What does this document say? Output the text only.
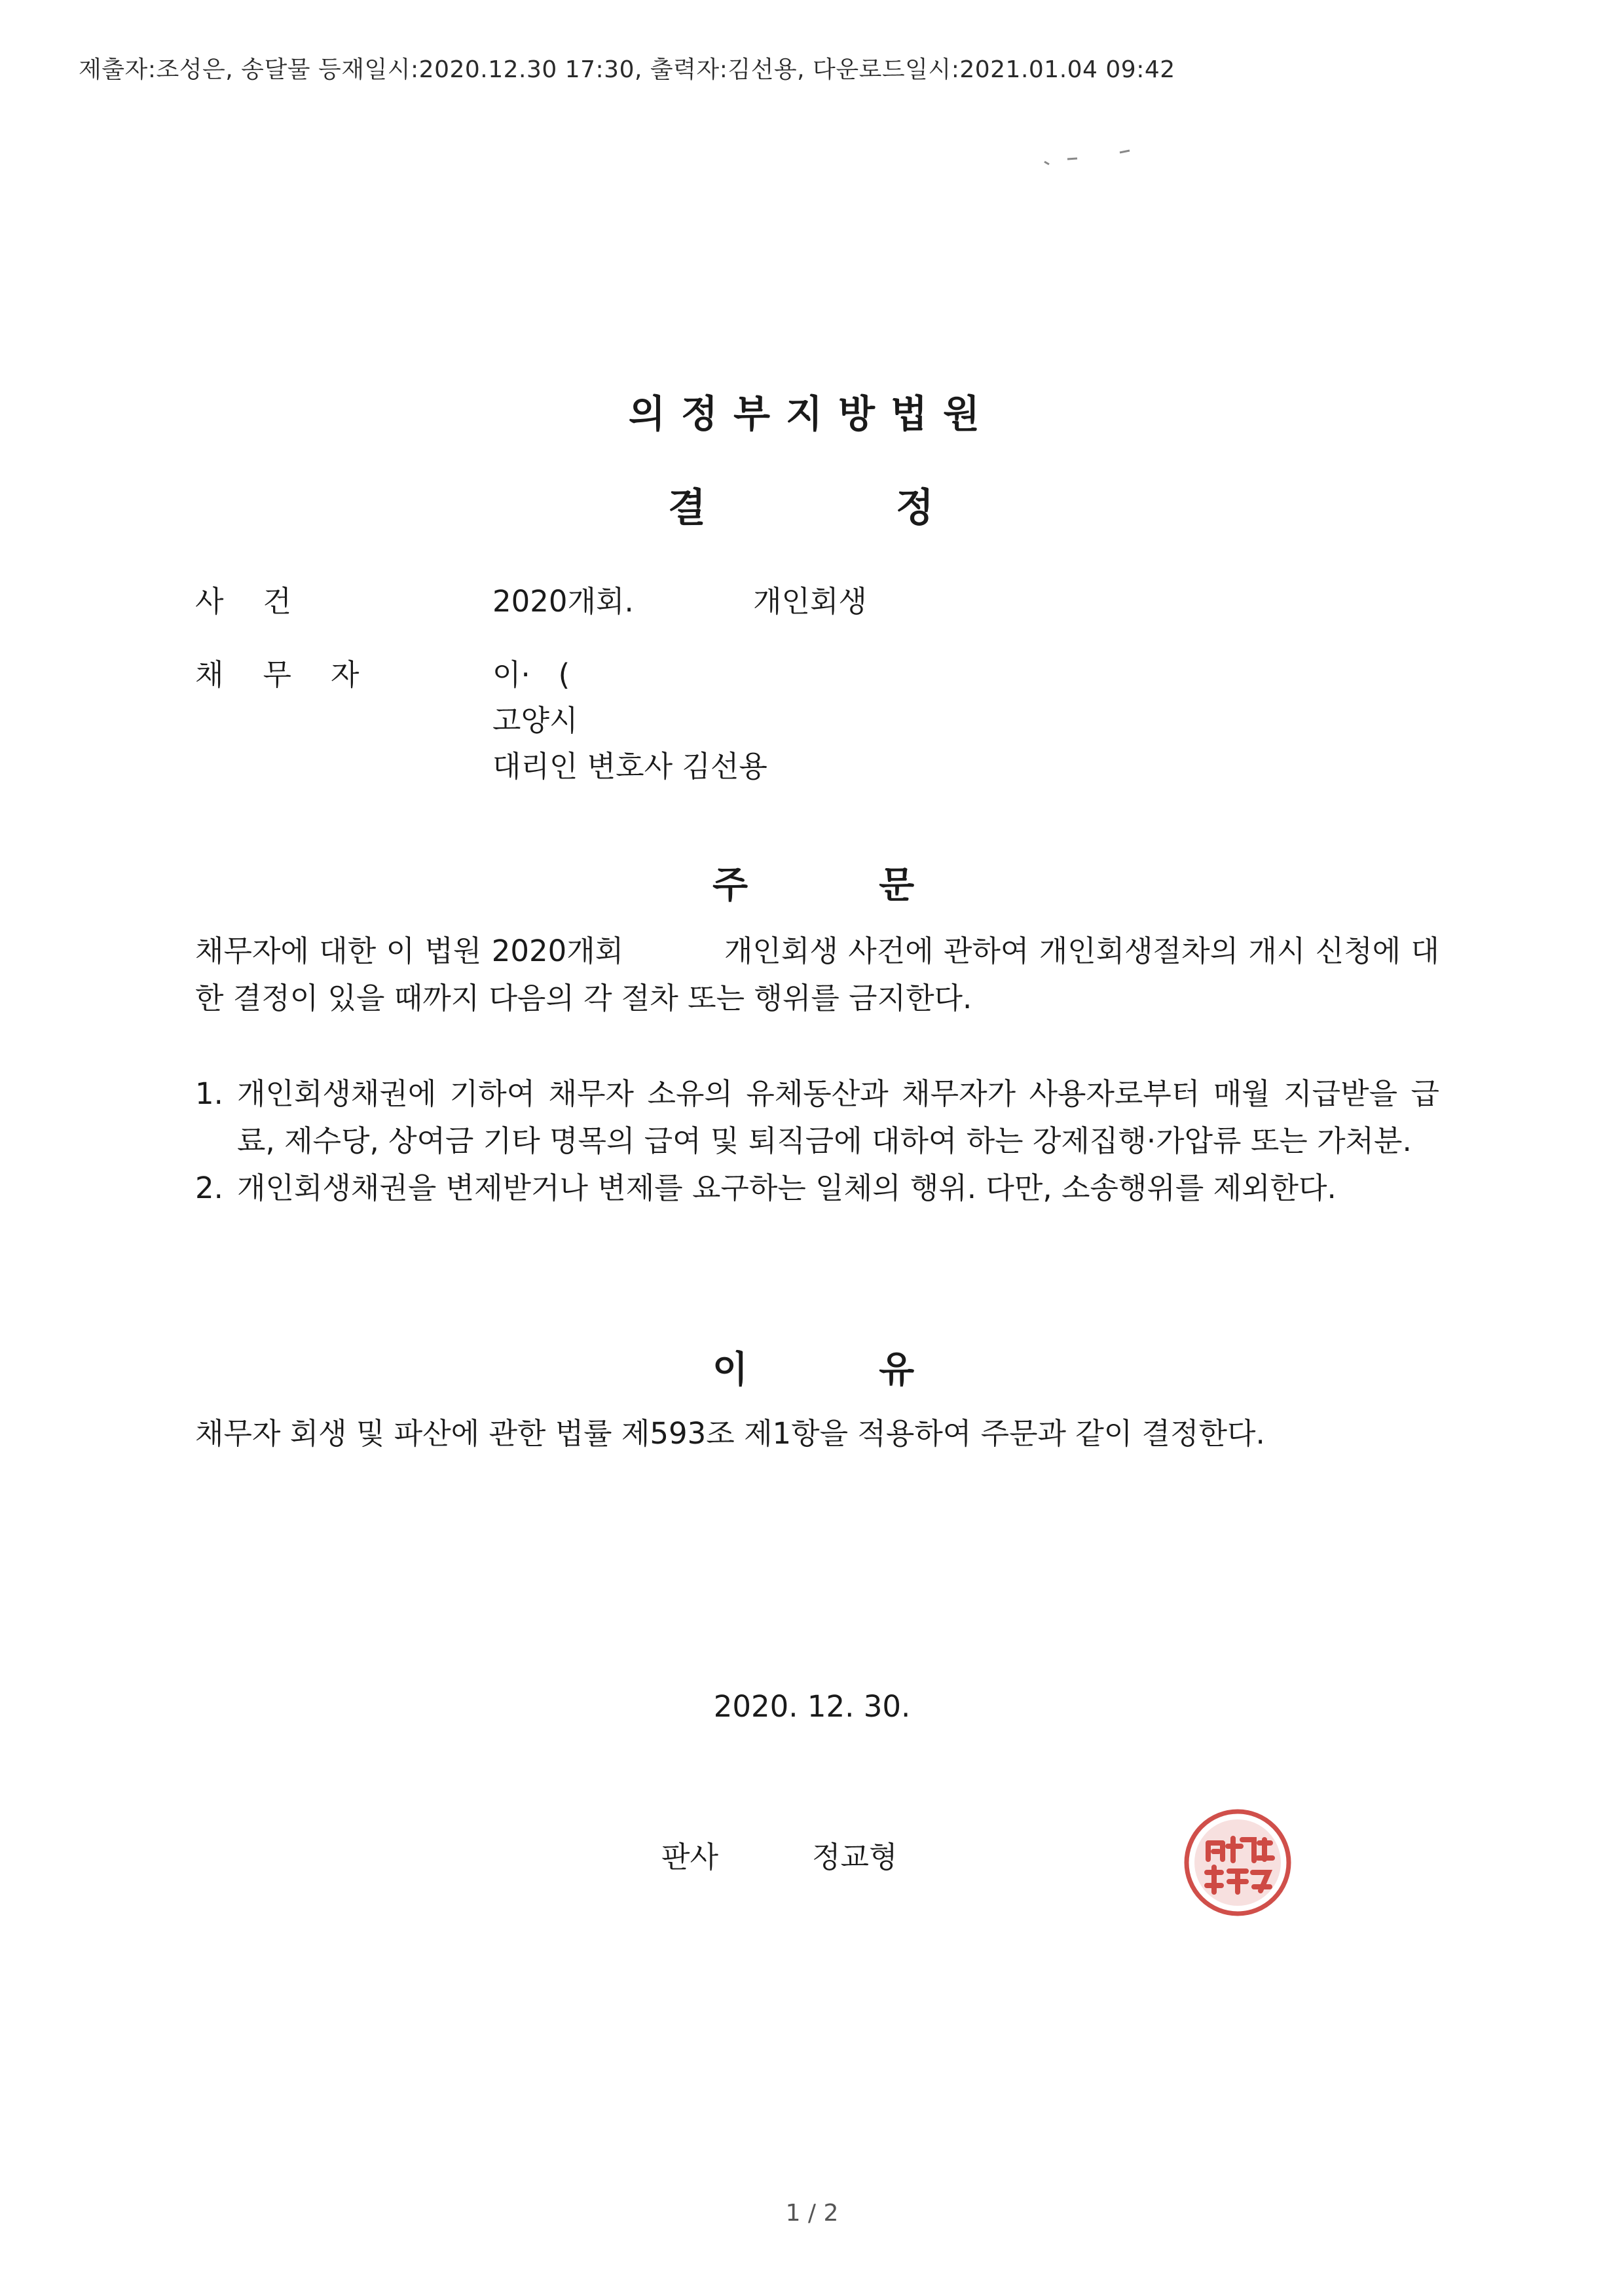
제출자:조성은, 송달물 등재일시:2020.12.30 17:30, 출력자:김선용, 다운로드일시:2021.01.04 09:42
의정부지방법원
결정
사건	2020개회.	개인회생
채무자	이·   (
고양시
대리인 변호사 김선용
주문
채무자에 대한 이 법원 2020개회          개인회생 사건에 관하여 개인회생절차의 개시 신청에 대한 결정이 있을 때까지 다음의 각 절차 또는 행위를 금지한다.
1. 개인회생채권에 기하여 채무자 소유의 유체동산과 채무자가 사용자로부터 매월 지급받을 급료, 제수당, 상여금 기타 명목의 급여 및 퇴직금에 대하여 하는 강제집행·가압류 또는 가처분.
2. 개인회생채권을 변제받거나 변제를 요구하는 일체의 행위. 다만, 소송행위를 제외한다.
이유
채무자 회생 및 파산에 관한 법률 제593조 제1항을 적용하여 주문과 같이 결정한다.
2020. 12. 30.
판사	정교형
1 / 2
